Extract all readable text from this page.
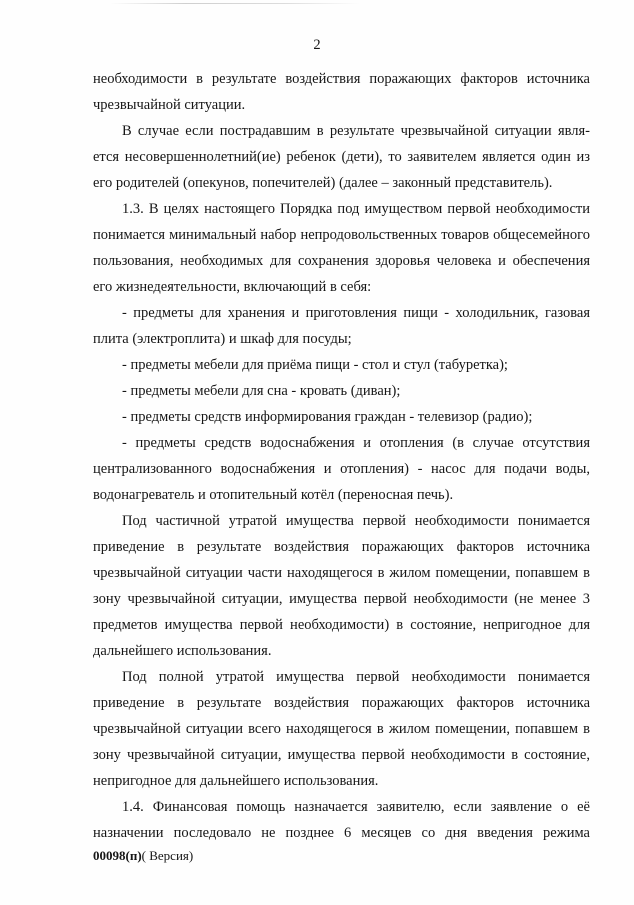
2

необходимости в результате воздействия поражающих факторов источника чрезвычайной ситуации.

В случае если пострадавшим в результате чрезвычайной ситуации явля-ется несовершеннолетний(ие) ребенок (дети), то заявителем является один из его родителей (опекунов, попечителей) (далее – законный представитель).

1.3. В целях настоящего Порядка под имуществом первой необходимости понимается минимальный набор непродовольственных товаров общесемейного пользования, необходимых для сохранения здоровья человека и обеспечения его жизнедеятельности, включающий в себя:

- предметы для хранения и приготовления пищи - холодильник, газовая плита (электроплита) и шкаф для посуды;

- предметы мебели для приёма пищи - стол и стул (табуретка);

- предметы мебели для сна - кровать (диван);

- предметы средств информирования граждан - телевизор (радио);

- предметы средств водоснабжения и отопления (в случае отсутствия централизованного водоснабжения и отопления) - насос для подачи воды, водонагреватель и отопительный котёл (переносная печь).

Под частичной утратой имущества первой необходимости понимается приведение в результате воздействия поражающих факторов источника чрезвычайной ситуации части находящегося в жилом помещении, попавшем в зону чрезвычайной ситуации, имущества первой необходимости (не менее 3 предметов имущества первой необходимости) в состояние, непригодное для дальнейшего использования.

Под полной утратой имущества первой необходимости понимается приведение в результате воздействия поражающих факторов источника чрезвычайной ситуации всего находящегося в жилом помещении, попавшем в зону чрезвычайной ситуации, имущества первой необходимости в состояние, непригодное для дальнейшего использования.

1.4. Финансовая помощь назначается заявителю, если заявление о её назначении последовало не позднее 6 месяцев со дня введения режима

00098(п)( Версия)
